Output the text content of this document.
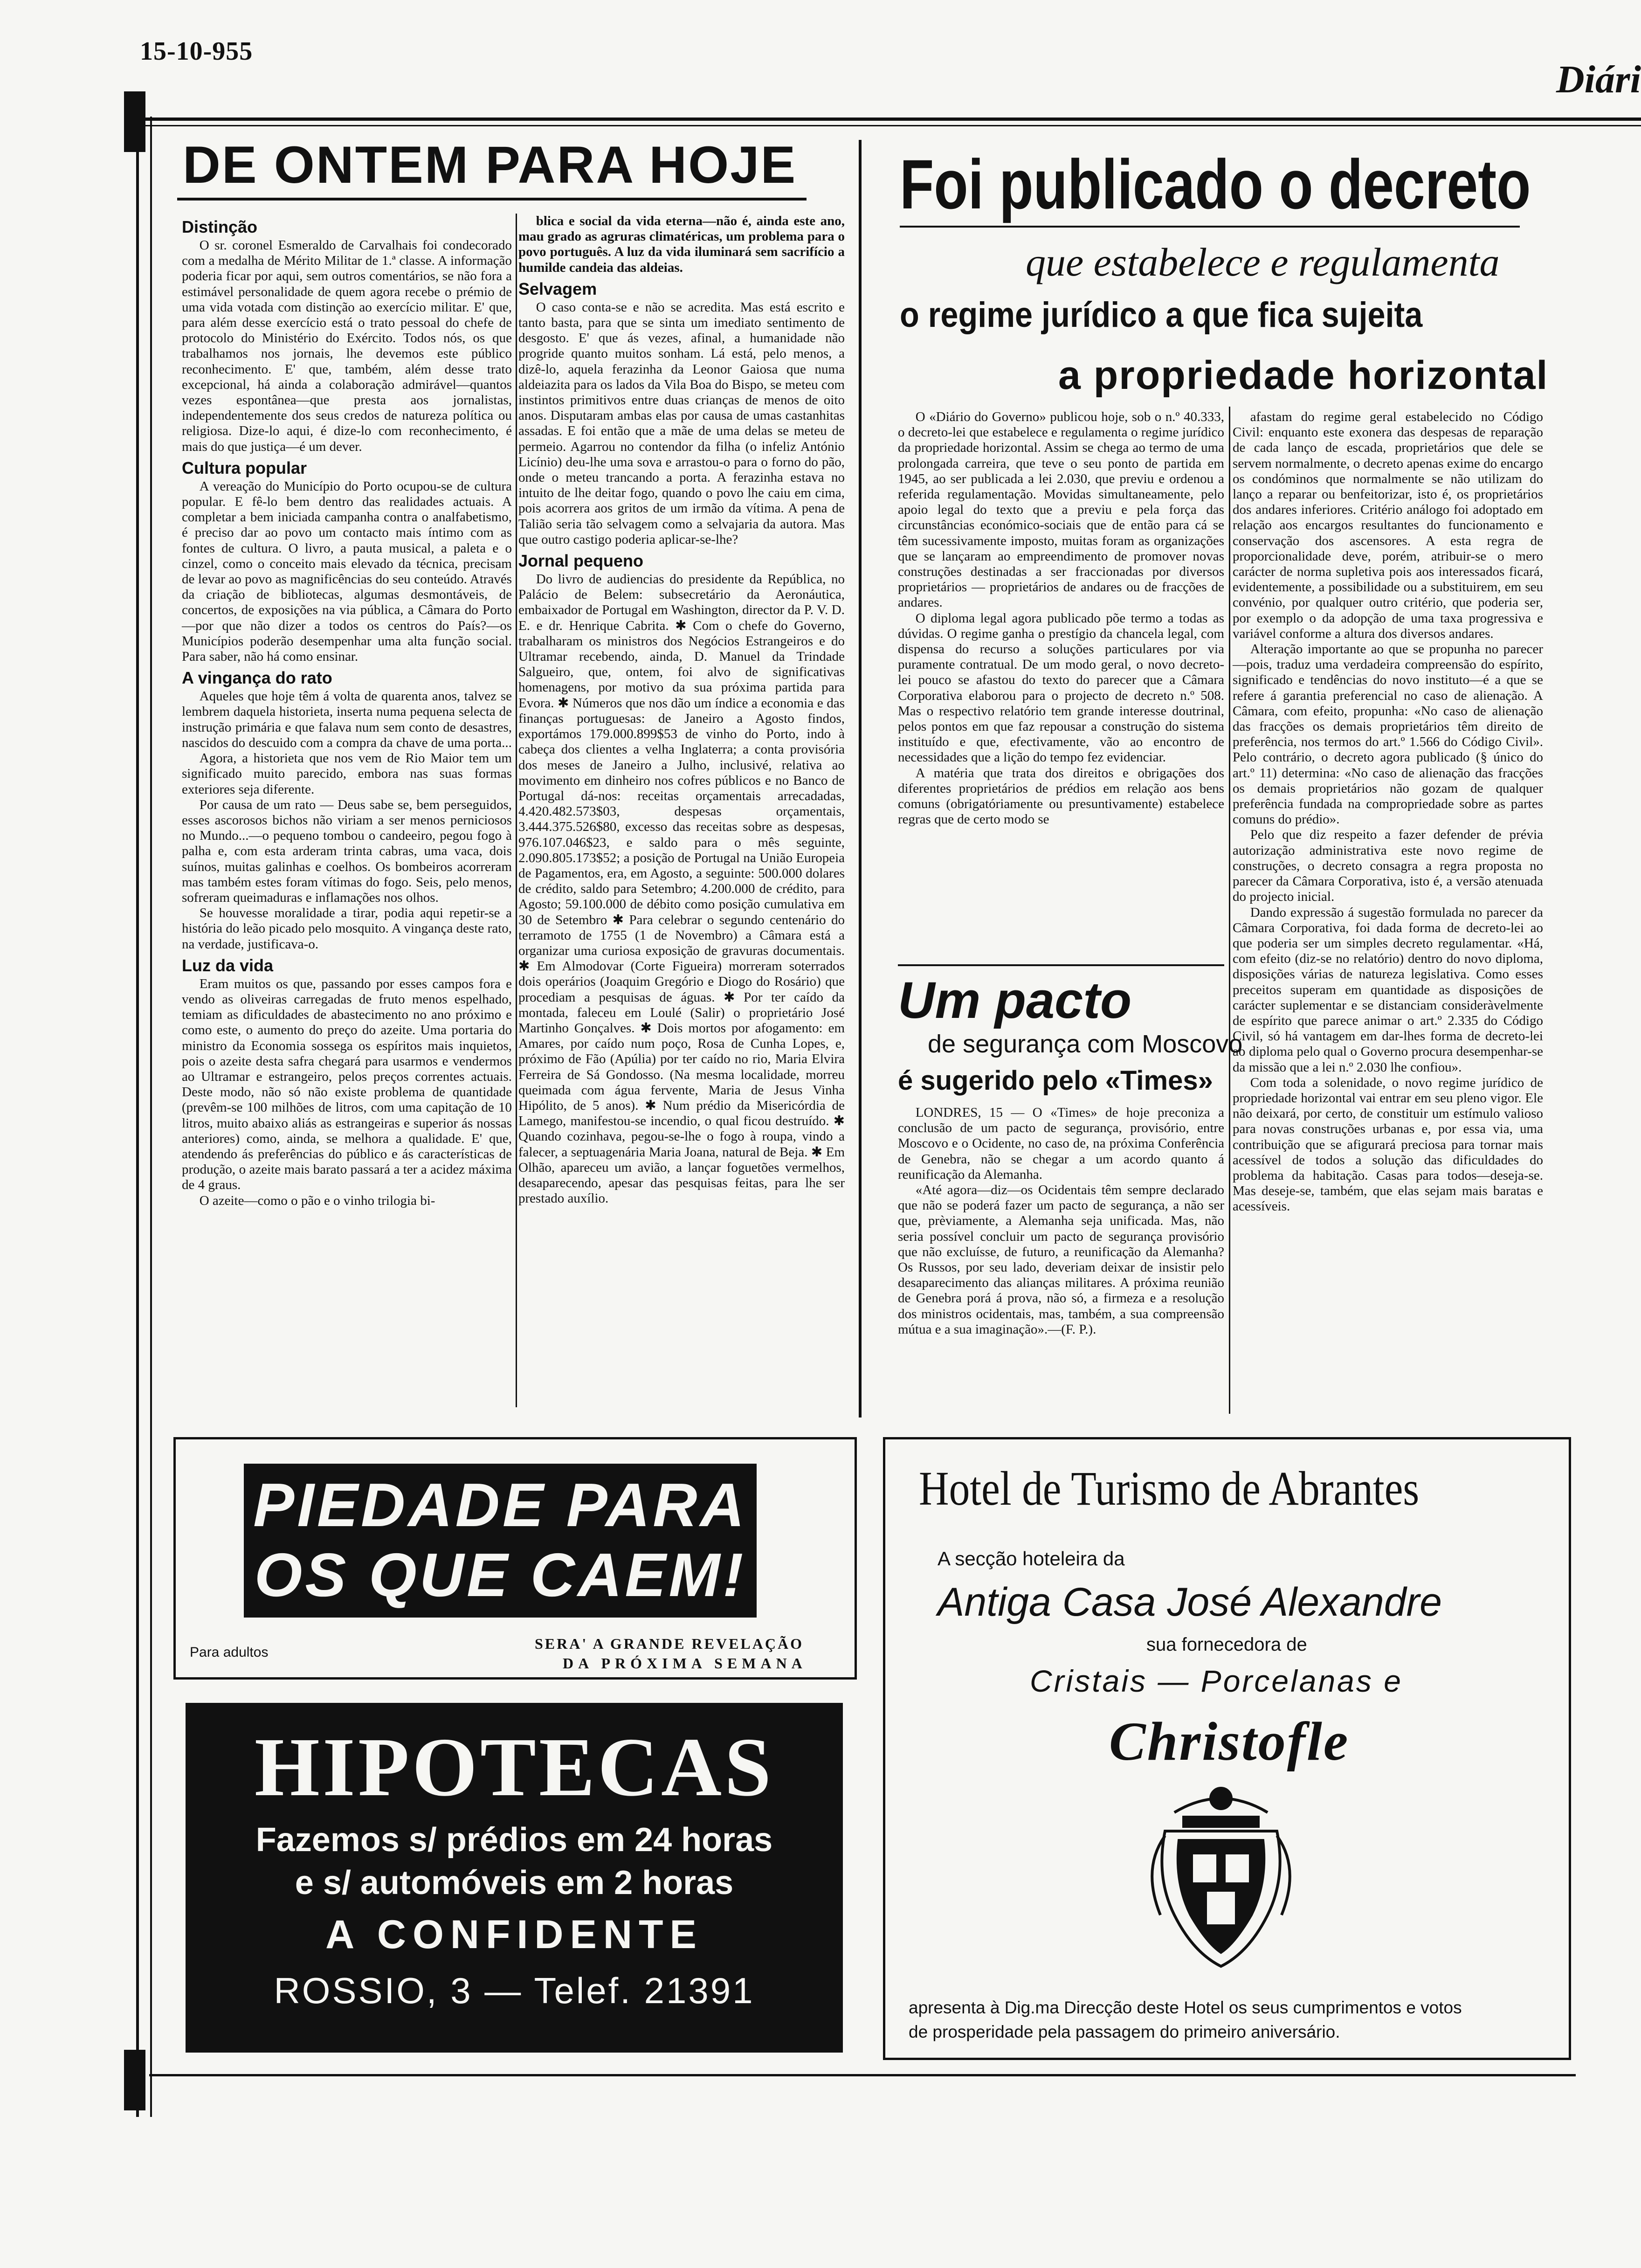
15-10-955
Diári
DE ONTEM PARA HOJE
Distinção
O sr. coronel Esmeraldo de Carvalhais foi condecorado com a medalha de Mérito Militar de 1.ª classe. A informação poderia ficar por aqui, sem outros comentários, se não fora a estimável personalidade de quem agora recebe o prémio de uma vida votada com distinção ao exercício militar. E' que, para além desse exercício está o trato pessoal do chefe de protocolo do Ministério do Exército. Todos nós, os que trabalhamos nos jornais, lhe devemos este público reconhecimento. E' que, também, além desse trato excepcional, há ainda a colaboração admirável—quantos vezes espontânea—que presta aos jornalistas, independentemente dos seus credos de natureza política ou religiosa. Dize-lo aqui, é dize-lo com reconhecimento, é mais do que justiça—é um dever.
Cultura popular
A vereação do Município do Porto ocupou-se de cultura popular. E fê-lo bem dentro das realidades actuais. A completar a bem iniciada campanha contra o analfabetismo, é preciso dar ao povo um contacto mais íntimo com as fontes de cultura. O livro, a pauta musical, a paleta e o cinzel, como o conceito mais elevado da técnica, precisam de levar ao povo as magnificências do seu conteúdo. Através da criação de bibliotecas, algumas desmontáveis, de concertos, de exposições na via pública, a Câmara do Porto—por que não dizer a todos os centros do País?—os Municípios poderão desempenhar uma alta função social. Para saber, não há como ensinar.
A vingança do rato
Aqueles que hoje têm á volta de quarenta anos, talvez se lembrem daquela historieta, inserta numa pequena selecta de instrução primária e que falava num sem conto de desastres, nascidos do descuido com a compra da chave de uma porta...
Agora, a historieta que nos vem de Rio Maior tem um significado muito parecido, embora nas suas formas exteriores seja diferente.
Por causa de um rato — Deus sabe se, bem perseguidos, esses ascorosos bichos não viriam a ser menos perniciosos no Mundo...—o pequeno tombou o candeeiro, pegou fogo à palha e, com esta arderam trinta cabras, uma vaca, dois suínos, muitas galinhas e coelhos. Os bombeiros acorreram mas também estes foram vítimas do fogo. Seis, pelo menos, sofreram queimaduras e inflamações nos olhos.
Se houvesse moralidade a tirar, podia aqui repetir-se a história do leão picado pelo mosquito. A vingança deste rato, na verdade, justificava-o.
Luz da vida
Eram muitos os que, passando por esses campos fora e vendo as oliveiras carregadas de fruto menos espelhado, temiam as dificuldades de abastecimento no ano próximo e como este, o aumento do preço do azeite. Uma portaria do ministro da Economia sossega os espíritos mais inquietos, pois o azeite desta safra chegará para usarmos e vendermos ao Ultramar e estrangeiro, pelos preços correntes actuais. Deste modo, não só não existe problema de quantidade (prevêm-se 100 milhões de litros, com uma capitação de 10 litros, muito abaixo aliás as estrangeiras e superior ás nossas anteriores) como, ainda, se melhora a qualidade. E' que, atendendo ás preferências do público e ás características de produção, o azeite mais barato passará a ter a acidez máxima de 4 graus.
O azeite—como o pão e o vinho trilogia bi-
blica e social da vida eterna—não é, ainda este ano, mau grado as agruras climatéricas, um problema para o povo português. A luz da vida iluminará sem sacrifício a humilde candeia das aldeias.
Selvagem
O caso conta-se e não se acredita. Mas está escrito e tanto basta, para que se sinta um imediato sentimento de desgosto. E' que ás vezes, afinal, a humanidade não progride quanto muitos sonham. Lá está, pelo menos, a dizê-lo, aquela ferazinha da Leonor Gaiosa que numa aldeiazita para os lados da Vila Boa do Bispo, se meteu com instintos primitivos entre duas crianças de menos de oito anos. Disputaram ambas elas por causa de umas castanhitas assadas. E foi então que a mãe de uma delas se meteu de permeio. Agarrou no contendor da filha (o infeliz António Licínio) deu-lhe uma sova e arrastou-o para o forno do pão, onde o meteu trancando a porta. A ferazinha estava no intuito de lhe deitar fogo, quando o povo lhe caiu em cima, pois acorrera aos gritos de um irmão da vítima. A pena de Talião seria tão selvagem como a selvajaria da autora. Mas que outro castigo poderia aplicar-se-lhe?
Jornal pequeno
Do livro de audiencias do presidente da República, no Palácio de Belem: subsecretário da Aeronáutica, embaixador de Portugal em Washington, director da P. V. D. E. e dr. Henrique Cabrita. ✱ Com o chefe do Governo, trabalharam os ministros dos Negócios Estrangeiros e do Ultramar recebendo, ainda, D. Manuel da Trindade Salgueiro, que, ontem, foi alvo de significativas homenagens, por motivo da sua próxima partida para Evora. ✱ Números que nos dão um índice a economia e das finanças portuguesas: de Janeiro a Agosto findos, exportámos 179.000.899$53 de vinho do Porto, indo à cabeça dos clientes a velha Inglaterra; a conta provisória dos meses de Janeiro a Julho, inclusivé, relativa ao movimento em dinheiro nos cofres públicos e no Banco de Portugal dá-nos: receitas orçamentais arrecadadas, 4.420.482.573$03, despesas orçamentais, 3.444.375.526$80, excesso das receitas sobre as despesas, 976.107.046$23, e saldo para o mês seguinte, 2.090.805.173$52; a posição de Portugal na União Europeia de Pagamentos, era, em Agosto, a seguinte: 500.000 dolares de crédito, saldo para Setembro; 4.200.000 de crédito, para Agosto; 59.100.000 de débito como posição cumulativa em 30 de Setembro ✱ Para celebrar o segundo centenário do terramoto de 1755 (1 de Novembro) a Câmara está a organizar uma curiosa exposição de gravuras documentais. ✱ Em Almodovar (Corte Figueira) morreram soterrados dois operários (Joaquim Gregório e Diogo do Rosário) que procediam a pesquisas de águas. ✱ Por ter caído da montada, faleceu em Loulé (Salir) o proprietário José Martinho Gonçalves. ✱ Dois mortos por afogamento: em Amares, por caído num poço, Rosa de Cunha Lopes, e, próximo de Fão (Apúlia) por ter caído no rio, Maria Elvira Ferreira de Sá Gondosso. (Na mesma localidade, morreu queimada com água fervente, Maria de Jesus Vinha Hipólito, de 5 anos). ✱ Num prédio da Misericórdia de Lamego, manifestou-se incendio, o qual ficou destruído. ✱ Quando cozinhava, pegou-se-lhe o fogo à roupa, vindo a falecer, a septuagenária Maria Joana, natural de Beja. ✱ Em Olhão, apareceu um avião, a lançar foguetões vermelhos, desaparecendo, apesar das pesquisas feitas, para lhe ser prestado auxílio.
Foi publicado o decreto
que estabelece e regulamenta
o regime jurídico a que fica sujeita
a propriedade horizontal
O «Diário do Governo» publicou hoje, sob o n.º 40.333, o decreto-lei que estabelece e regulamenta o regime jurídico da propriedade horizontal. Assim se chega ao termo de uma prolongada carreira, que teve o seu ponto de partida em 1945, ao ser publicada a lei 2.030, que previu e ordenou a referida regulamentação. Movidas simultaneamente, pelo apoio legal do texto que a previu e pela força das circunstâncias económico-sociais que de então para cá se têm sucessivamente imposto, muitas foram as organizações que se lançaram ao empreendimento de promover novas construções destinadas a ser fraccionadas por diversos proprietários — proprietários de andares ou de fracções de andares.
O diploma legal agora publicado põe termo a todas as dúvidas. O regime ganha o prestígio da chancela legal, com dispensa do recurso a soluções particulares por via puramente contratual. De um modo geral, o novo decreto-lei pouco se afastou do texto do parecer que a Câmara Corporativa elaborou para o projecto de decreto n.º 508. Mas o respectivo relatório tem grande interesse doutrinal, pelos pontos em que faz repousar a construção do sistema instituído e que, efectivamente, vão ao encontro de necessidades que a lição do tempo fez evidenciar.
A matéria que trata dos direitos e obrigações dos diferentes proprietários de prédios em relação aos bens comuns (obrigatóriamente ou presuntivamente) estabelece regras que de certo modo se
afastam do regime geral estabelecido no Código Civil: enquanto este exonera das despesas de reparação de cada lanço de escada, proprietários que dele se servem normalmente, o decreto apenas exime do encargo os condóminos que normalmente se não utilizam do lanço a reparar ou benfeitorizar, isto é, os proprietários dos andares inferiores. Critério análogo foi adoptado em relação aos encargos resultantes do funcionamento e conservação dos ascensores. A esta regra de proporcionalidade deve, porém, atribuir-se o mero carácter de norma supletiva pois aos interessados ficará, evidentemente, a possibilidade ou a substituirem, em seu convénio, por qualquer outro critério, que poderia ser, por exemplo o da adopção de uma taxa progressiva e variável conforme a altura dos diversos andares.
Alteração importante ao que se propunha no parecer—pois, traduz uma verdadeira compreensão do espírito, significado e tendências do novo instituto—é a que se refere á garantia preferencial no caso de alienação. A Câmara, com efeito, propunha: «No caso de alienação das fracções os demais proprietários têm direito de preferência, nos termos do art.º 1.566 do Código Civil». Pelo contrário, o decreto agora publicado (§ único do art.º 11) determina: «No caso de alienação das fracções os demais proprietários não gozam de qualquer preferência fundada na compropriedade sobre as partes comuns do prédio».
Pelo que diz respeito a fazer defender de prévia autorização administrativa este novo regime de construções, o decreto consagra a regra proposta no parecer da Câmara Corporativa, isto é, a versão atenuada do projecto inicial.
Dando expressão á sugestão formulada no parecer da Câmara Corporativa, foi dada forma de decreto-lei ao que poderia ser um simples decreto regulamentar. «Há, com efeito (diz-se no relatório) dentro do novo diploma, disposições várias de natureza legislativa. Como esses preceitos superam em quantidade as disposições de carácter suplementar e se distanciam consideràvelmente de espírito que parece animar o art.º 2.335 do Código Civil, só há vantagem em dar-lhes forma de decreto-lei ao diploma pelo qual o Governo procura desempenhar-se da missão que a lei n.º 2.030 lhe confiou».
Com toda a solenidade, o novo regime jurídico de propriedade horizontal vai entrar em seu pleno vigor. Ele não deixará, por certo, de constituir um estímulo valioso para novas construções urbanas e, por essa via, uma contribuição que se afigurará preciosa para tornar mais acessível de todos a solução das dificuldades do problema da habitação. Casas para todos—deseja-se. Mas deseje-se, também, que elas sejam mais baratas e acessíveis.
Um pacto
de segurança com Moscovo
é sugerido pelo «Times»
LONDRES, 15 — O «Times» de hoje preconiza a conclusão de um pacto de segurança, provisório, entre Moscovo e o Ocidente, no caso de, na próxima Conferência de Genebra, não se chegar a um acordo quanto á reunificação da Alemanha.
«Até agora—diz—os Ocidentais têm sempre declarado que não se poderá fazer um pacto de segurança, a não ser que, prèviamente, a Alemanha seja unificada. Mas, não seria possível concluir um pacto de segurança provisório que não excluísse, de futuro, a reunificação da Alemanha? Os Russos, por seu lado, deveriam deixar de insistir pelo desaparecimento das alianças militares. A próxima reunião de Genebra porá á prova, não só, a firmeza e a resolução dos ministros ocidentais, mas, também, a sua compreensão mútua e a sua imaginação».—(F. P.).
PIEDADE PARA
OS QUE CAEM!
Para adultos
SERA' A GRANDE REVELAÇÃO
DA PRÓXIMA SEMANA
HIPOTECAS
Fazemos s/ prédios em 24 horas
e s/ automóveis em 2 horas
A CONFIDENTE
ROSSIO, 3 — Telef. 21391
Hotel de Turismo de Abrantes
A secção hoteleira da
Antiga Casa José Alexandre
sua fornecedora de
Cristais — Porcelanas e
Christofle
apresenta à Dig.ma Direcção deste Hotel os seus cumprimentos e votos
de prosperidade pela passagem do primeiro aniversário.
